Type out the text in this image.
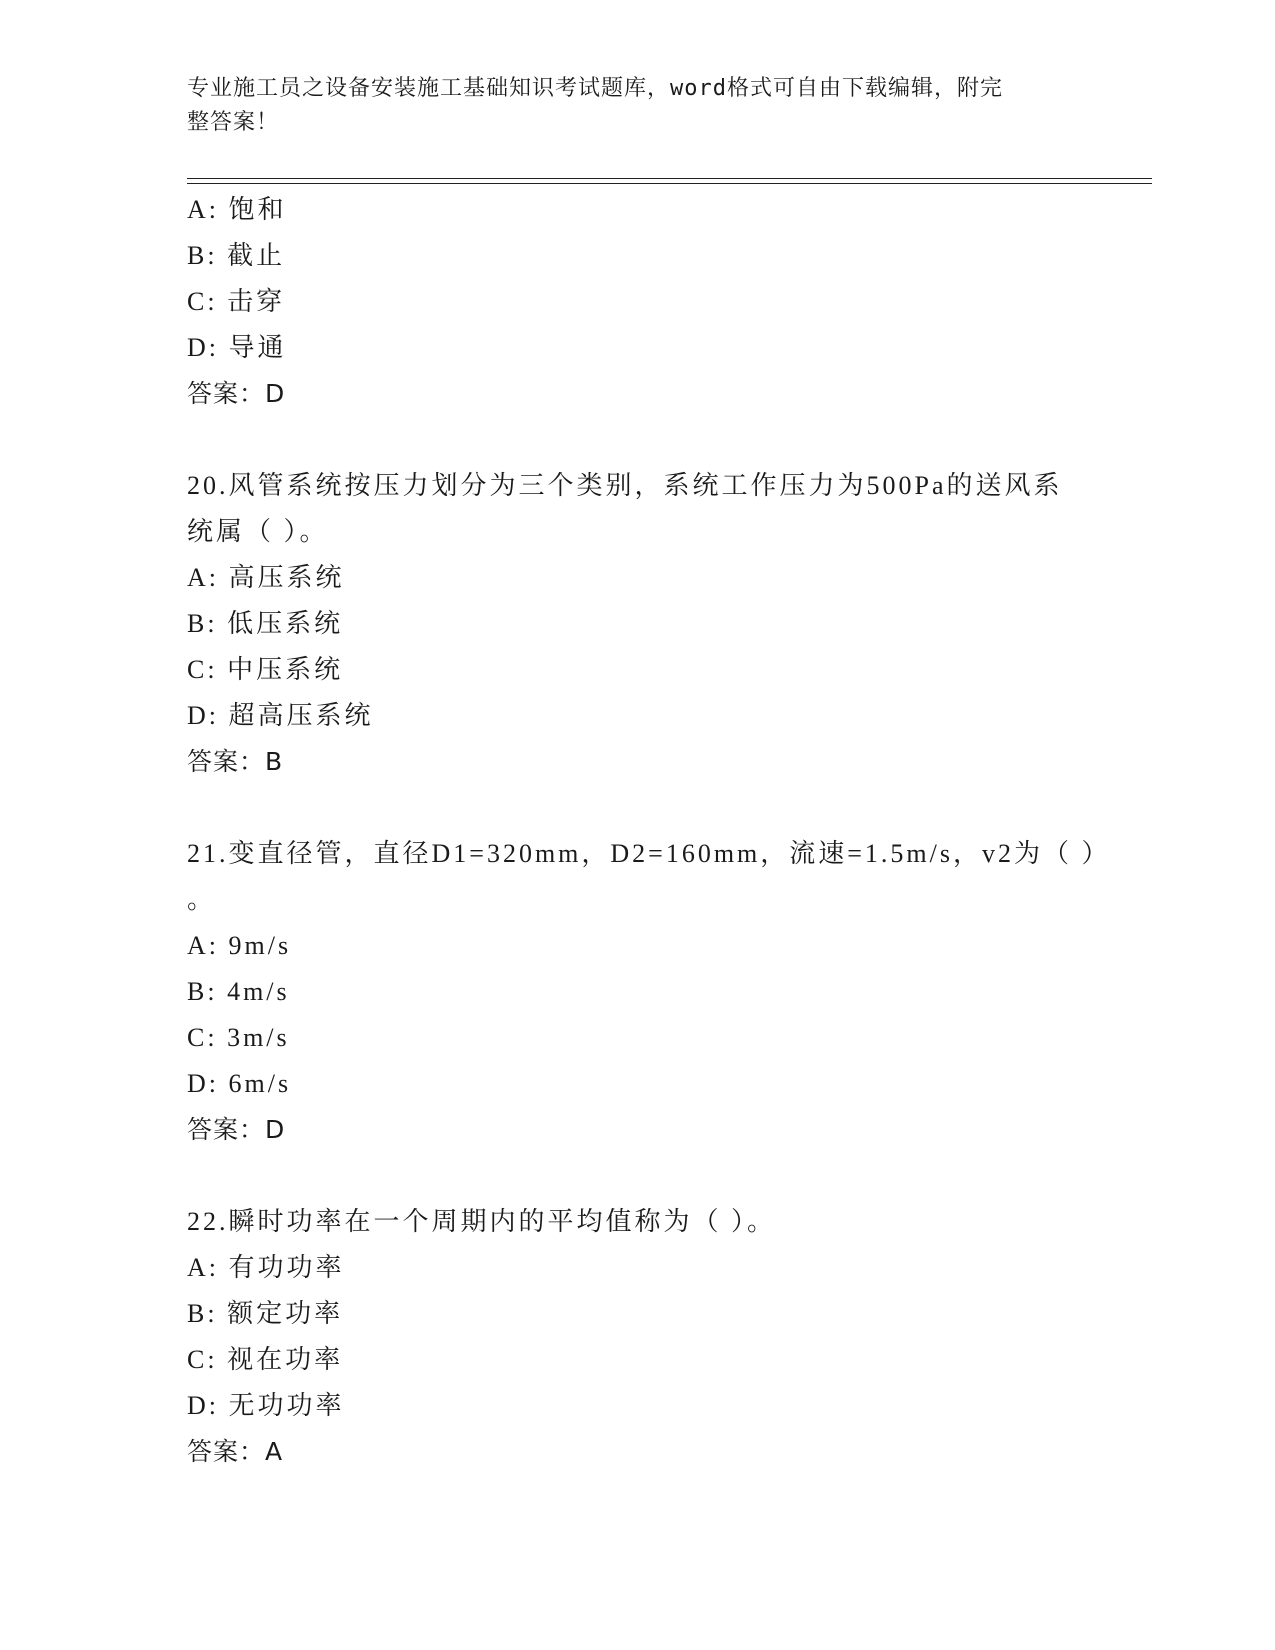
专业施工员之设备安装施工基础知识考试题库，word格式可自由下载编辑，附完
整答案！
A: 饱和
B: 截止
C: 击穿
D: 导通
答案：D
20.风管系统按压力划分为三个类别，系统工作压力为500Pa的送风系
统属（ ）。
A: 高压系统
B: 低压系统
C: 中压系统
D: 超高压系统
答案：B
21.变直径管，直径D1=320mm，D2=160mm，流速=1.5m/s，v2为（ ）
。
A: 9m/s
B: 4m/s
C: 3m/s
D: 6m/s
答案：D
22.瞬时功率在一个周期内的平均值称为（ ）。
A: 有功功率
B: 额定功率
C: 视在功率
D: 无功功率
答案：A
